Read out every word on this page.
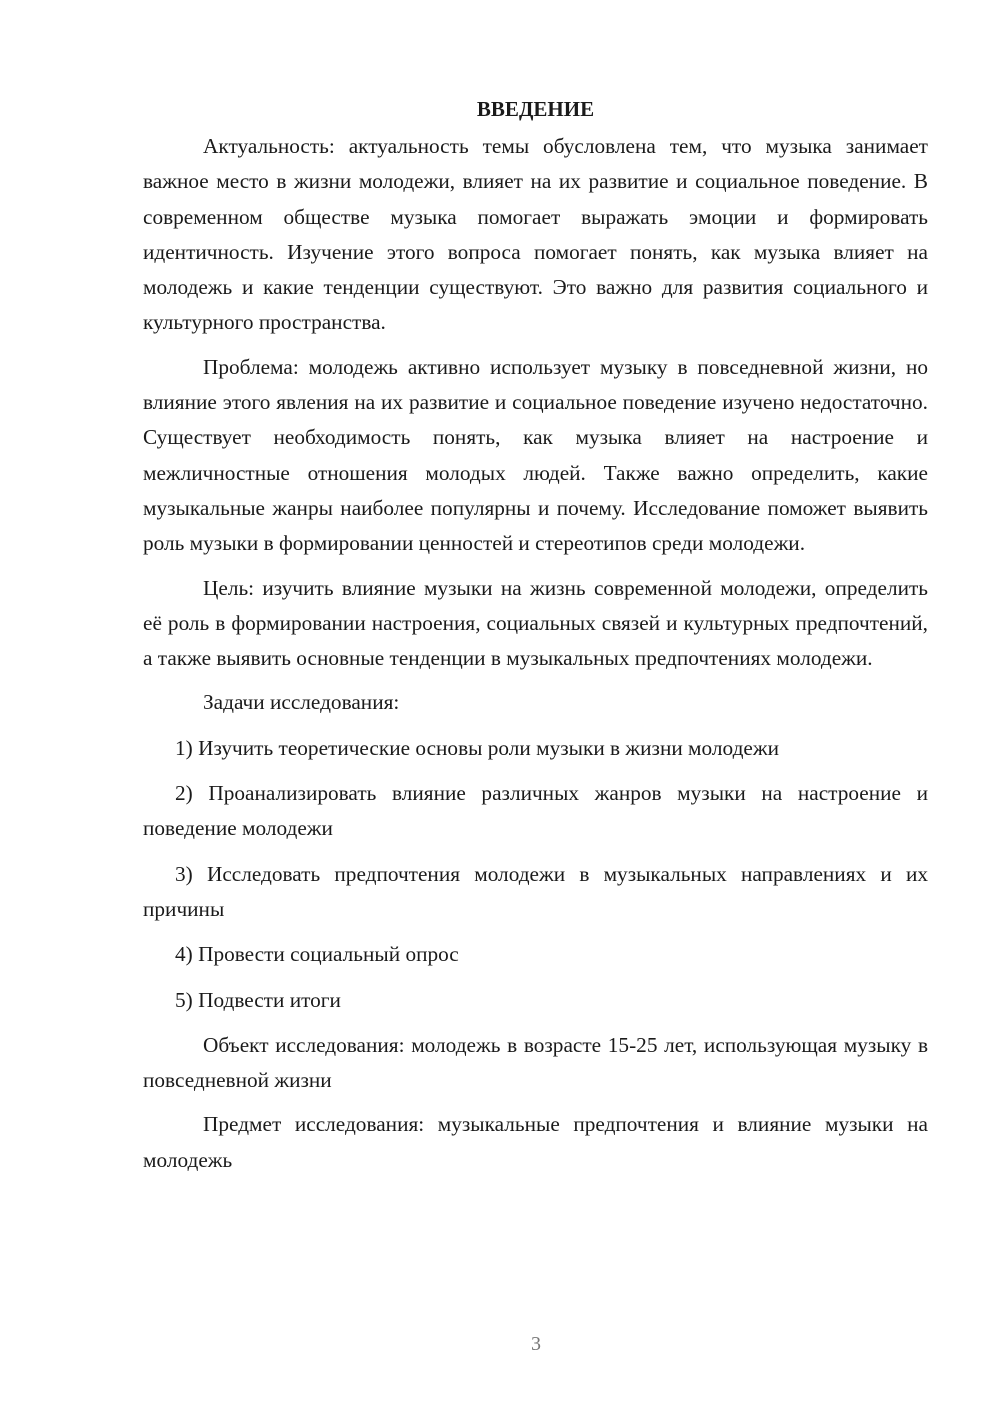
ВВЕДЕНИЕ

Актуальность: актуальность темы обусловлена тем, что музыка занимает важное место в жизни молодежи, влияет на их развитие и социальное поведение. В современном обществе музыка помогает выражать эмоции и формировать идентичность. Изучение этого вопроса помогает понять, как музыка влияет на молодежь и какие тенденции существуют. Это важно для развития социального и культурного пространства.

Проблема: молодежь активно использует музыку в повседневной жизни, но влияние этого явления на их развитие и социальное поведение изучено недостаточно. Существует необходимость понять, как музыка влияет на настроение и межличностные отношения молодых людей. Также важно определить, какие музыкальные жанры наиболее популярны и почему. Исследование поможет выявить роль музыки в формировании ценностей и стереотипов среди молодежи.

Цель: изучить влияние музыки на жизнь современной молодежи, определить её роль в формировании настроения, социальных связей и культурных предпочтений, а также выявить основные тенденции в музыкальных предпочтениях молодежи.

Задачи исследования:

1) Изучить теоретические основы роли музыки в жизни молодежи

2) Проанализировать влияние различных жанров музыки на настроение и поведение молодежи

3) Исследовать предпочтения молодежи в музыкальных направлениях и их причины

4) Провести социальный опрос

5) Подвести итоги

Объект исследования: молодежь в возрасте 15-25 лет, использующая музыку в повседневной жизни

Предмет исследования: музыкальные предпочтения и влияние музыки на молодежь

3
